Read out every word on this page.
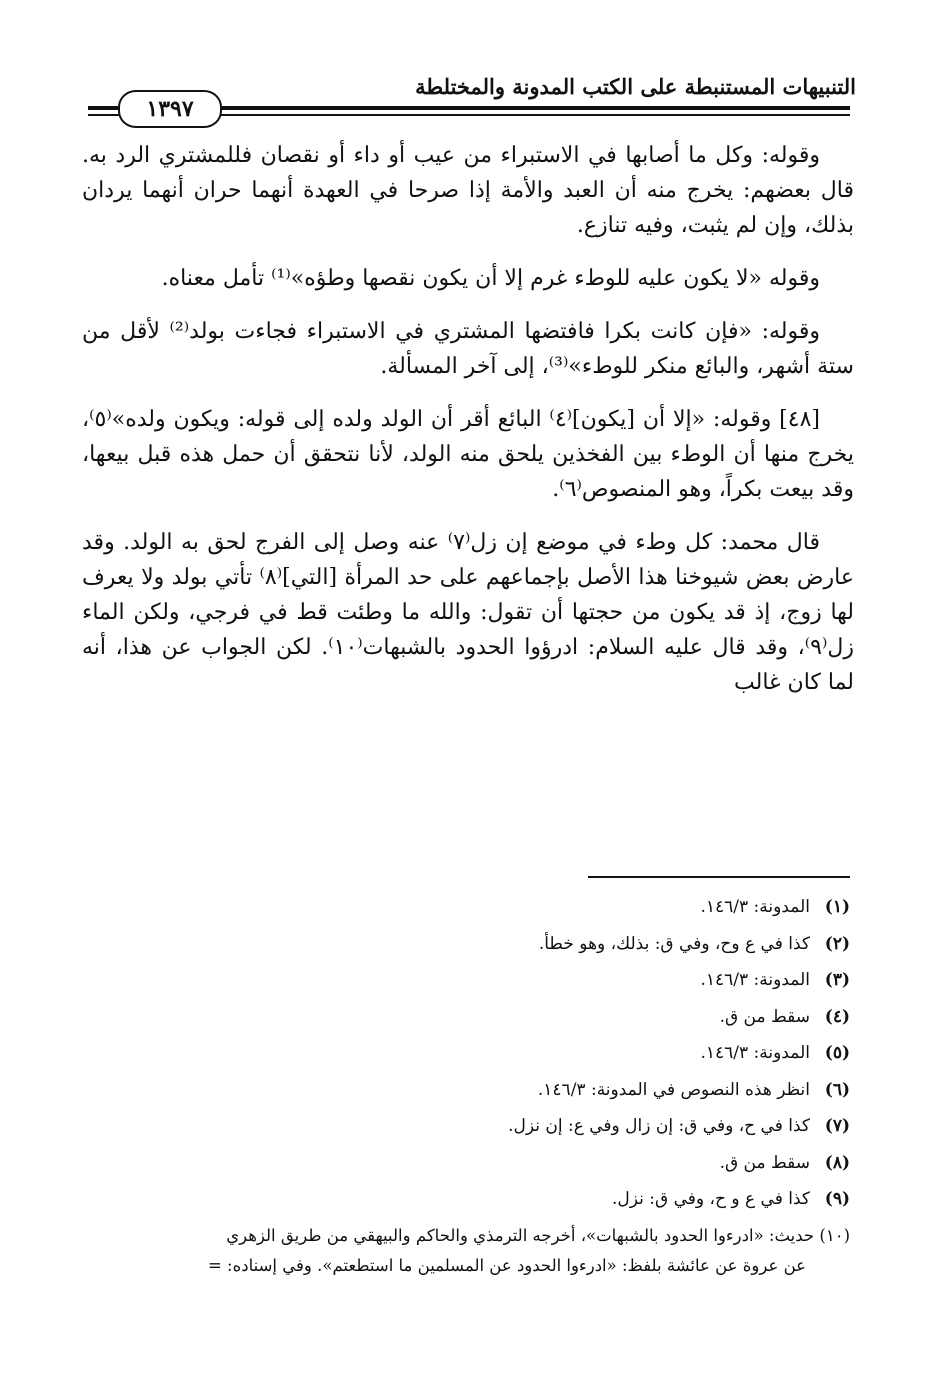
التنبيهات المستنبطة على الكتب المدونة والمختلطة
١٣٩٧

وقوله: وكل ما أصابها في الاستبراء من عيب أو داء أو نقصان فللمشتري الرد به. قال بعضهم: يخرج منه أن العبد والأمة إذا صرحا في العهدة أنهما حران أنهما يردان بذلك، وإن لم يثبت، وفيه تنازع.

وقوله «لا يكون عليه للوطء غرم إلا أن يكون نقصها وطؤه»⁽¹⁾ تأمل معناه.

وقوله: «فإن كانت بكرا فافتضها المشتري في الاستبراء فجاءت بولد⁽²⁾ لأقل من ستة أشهر، والبائع منكر للوطء»⁽³⁾، إلى آخر المسألة.

[٤٨] وقوله: «إلا أن [يكون]⁽٤⁾ البائع أقر أن الولد ولده إلى قوله: ويكون ولده»⁽٥⁾، يخرج منها أن الوطء بين الفخذين يلحق منه الولد، لأنا نتحقق أن حمل هذه قبل بيعها، وقد بيعت بكراً، وهو المنصوص⁽٦⁾.

قال محمد: كل وطء في موضع إن زل⁽٧⁾ عنه وصل إلى الفرج لحق به الولد. وقد عارض بعض شيوخنا هذا الأصل بإجماعهم على حد المرأة [التي]⁽٨⁾ تأتي بولد ولا يعرف لها زوج، إذ قد يكون من حجتها أن تقول: والله ما وطئت قط في فرجي، ولكن الماء زل⁽٩⁾، وقد قال عليه السلام: ادرؤوا الحدود بالشبهات⁽١٠⁾. لكن الجواب عن هذا، أنه لما كان غالب

(١)المدونة: ١٤٦/٣.
(٢)كذا في ع وح، وفي ق: بذلك، وهو خطأ.
(٣)المدونة: ١٤٦/٣.
(٤)سقط من ق.
(٥)المدونة: ١٤٦/٣.
(٦)انظر هذه النصوص في المدونة: ١٤٦/٣.
(٧)كذا في ح، وفي ق: إن زال وفي ع: إن نزل.
(٨)سقط من ق.
(٩)كذا في ع و ح، وفي ق: نزل.
(١٠) حديث: «ادرءوا الحدود بالشبهات»، أخرجه الترمذي والحاكم والبيهقي من طريق الزهري
عن عروة عن عائشة بلفظ: «ادرءوا الحدود عن المسلمين ما استطعتم». وفي إسناده: =
